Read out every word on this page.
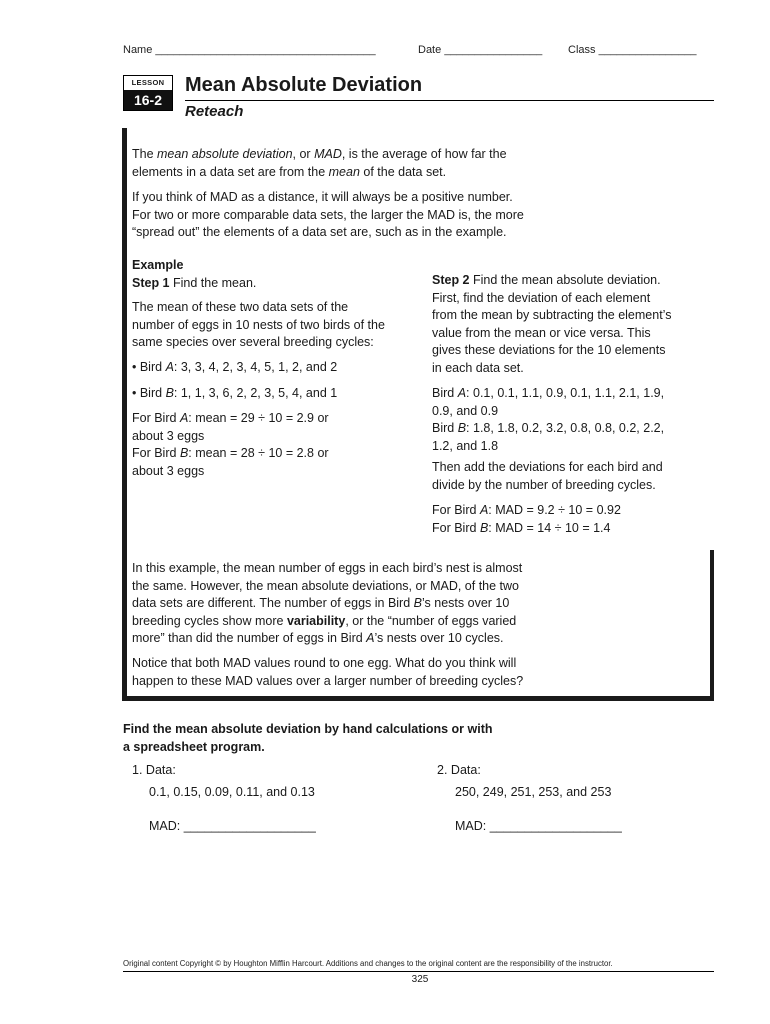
Name ____________________________________	Date ________________ Class ________________
LESSON
16-2
Mean Absolute Deviation
Reteach
The mean absolute deviation, or MAD, is the average of how far the
elements in a data set are from the mean of the data set.
If you think of MAD as a distance, it will always be a positive number.
For two or more comparable data sets, the larger the MAD is, the more
“spread out” the elements of a data set are, such as in the example.
Example
Step 1 Find the mean.
The mean of these two data sets of the
number of eggs in 10 nests of two birds of the
same species over several breeding cycles:
• Bird A: 3, 3, 4, 2, 3, 4, 5, 1, 2, and 2
• Bird B: 1, 1, 3, 6, 2, 2, 3, 5, 4, and 1
For Bird A: mean = 29 ÷ 10 = 2.9 or
about 3 eggs
For Bird B: mean = 28 ÷ 10 = 2.8 or
about 3 eggs
Step 2 Find the mean absolute deviation.
First, find the deviation of each element
from the mean by subtracting the element’s
value from the mean or vice versa. This
gives these deviations for the 10 elements
in each data set.
Bird A: 0.1, 0.1, 1.1, 0.9, 0.1, 1.1, 2.1, 1.9,
0.9, and 0.9
Bird B: 1.8, 1.8, 0.2, 3.2, 0.8, 0.8, 0.2, 2.2,
1.2, and 1.8
Then add the deviations for each bird and
divide by the number of breeding cycles.
For Bird A: MAD = 9.2 ÷ 10 = 0.92
For Bird B: MAD = 14 ÷ 10 = 1.4
In this example, the mean number of eggs in each bird’s nest is almost
the same. However, the mean absolute deviations, or MAD, of the two
data sets are different. The number of eggs in Bird B’s nests over 10
breeding cycles show more variability, or the “number of eggs varied
more” than did the number of eggs in Bird A’s nests over 10 cycles.
Notice that both MAD values round to one egg. What do you think will
happen to these MAD values over a larger number of breeding cycles?
Find the mean absolute deviation by hand calculations or with
a spreadsheet program.
1. Data:
0.1, 0.15, 0.09, 0.11, and 0.13
MAD: ___________________
2. Data:
250, 249, 251, 253, and 253
MAD: ___________________
Original content Copyright © by Houghton Mifflin Harcourt. Additions and changes to the original content are the responsibility of the instructor.
325
